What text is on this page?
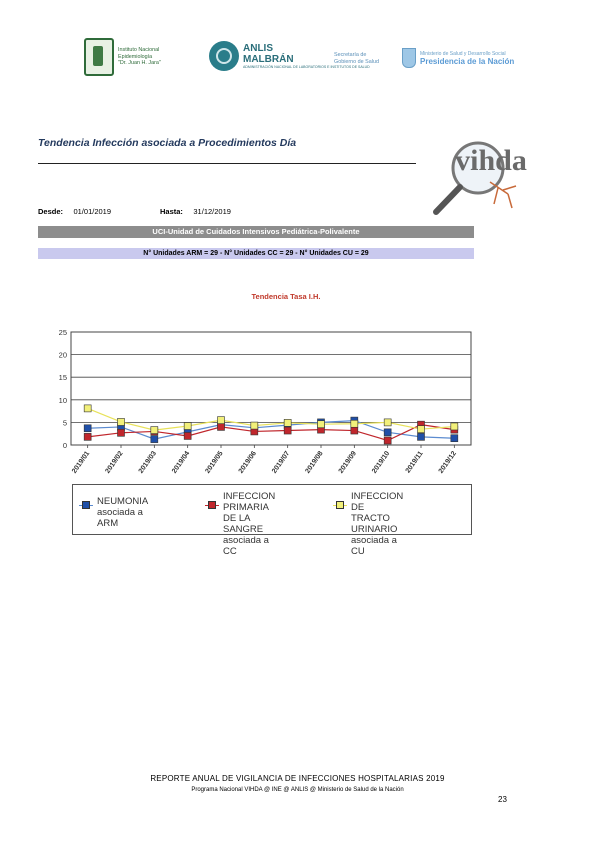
Instituto Nacional
Epidemiología
"Dr. Juan H. Jara"
ANLIS
MALBRÁN
ADMINISTRACIÓN NACIONAL DE LABORATORIOS E INSTITUTOS DE SALUD
Secretaría de
Gobierno de Salud
Ministerio de Salud y Desarrollo Social
Presidencia de la Nación
Tendencia Infección asociada a Procedimientos Día
vihda
Desde: 01/01/2019	Hasta: 31/12/2019
UCI-Unidad de Cuidados Intensivos Pediátrica-Polivalente
N° Unidades ARM = 29 - N° Unidades CC = 29 - N° Unidades CU = 29
Tendencia Tasa I.H.
0
5
10
15
20
25
2019/01 2019/02 2019/03 2019/04 2019/05 2019/06 2019/07 2019/08 2019/09 2019/10 2019/11 2019/12
NEUMONIA asociada a
ARM
INFECCION PRIMARIA
DE LA SANGRE
asociada a CC
INFECCION DE
TRACTO URINARIO
asociada a CU
REPORTE ANUAL DE VIGILANCIA DE INFECCIONES HOSPITALARIAS 2019
Programa Nacional VIHDA @ INE @ ANLIS @ Ministerio de Salud de la Nación
23
